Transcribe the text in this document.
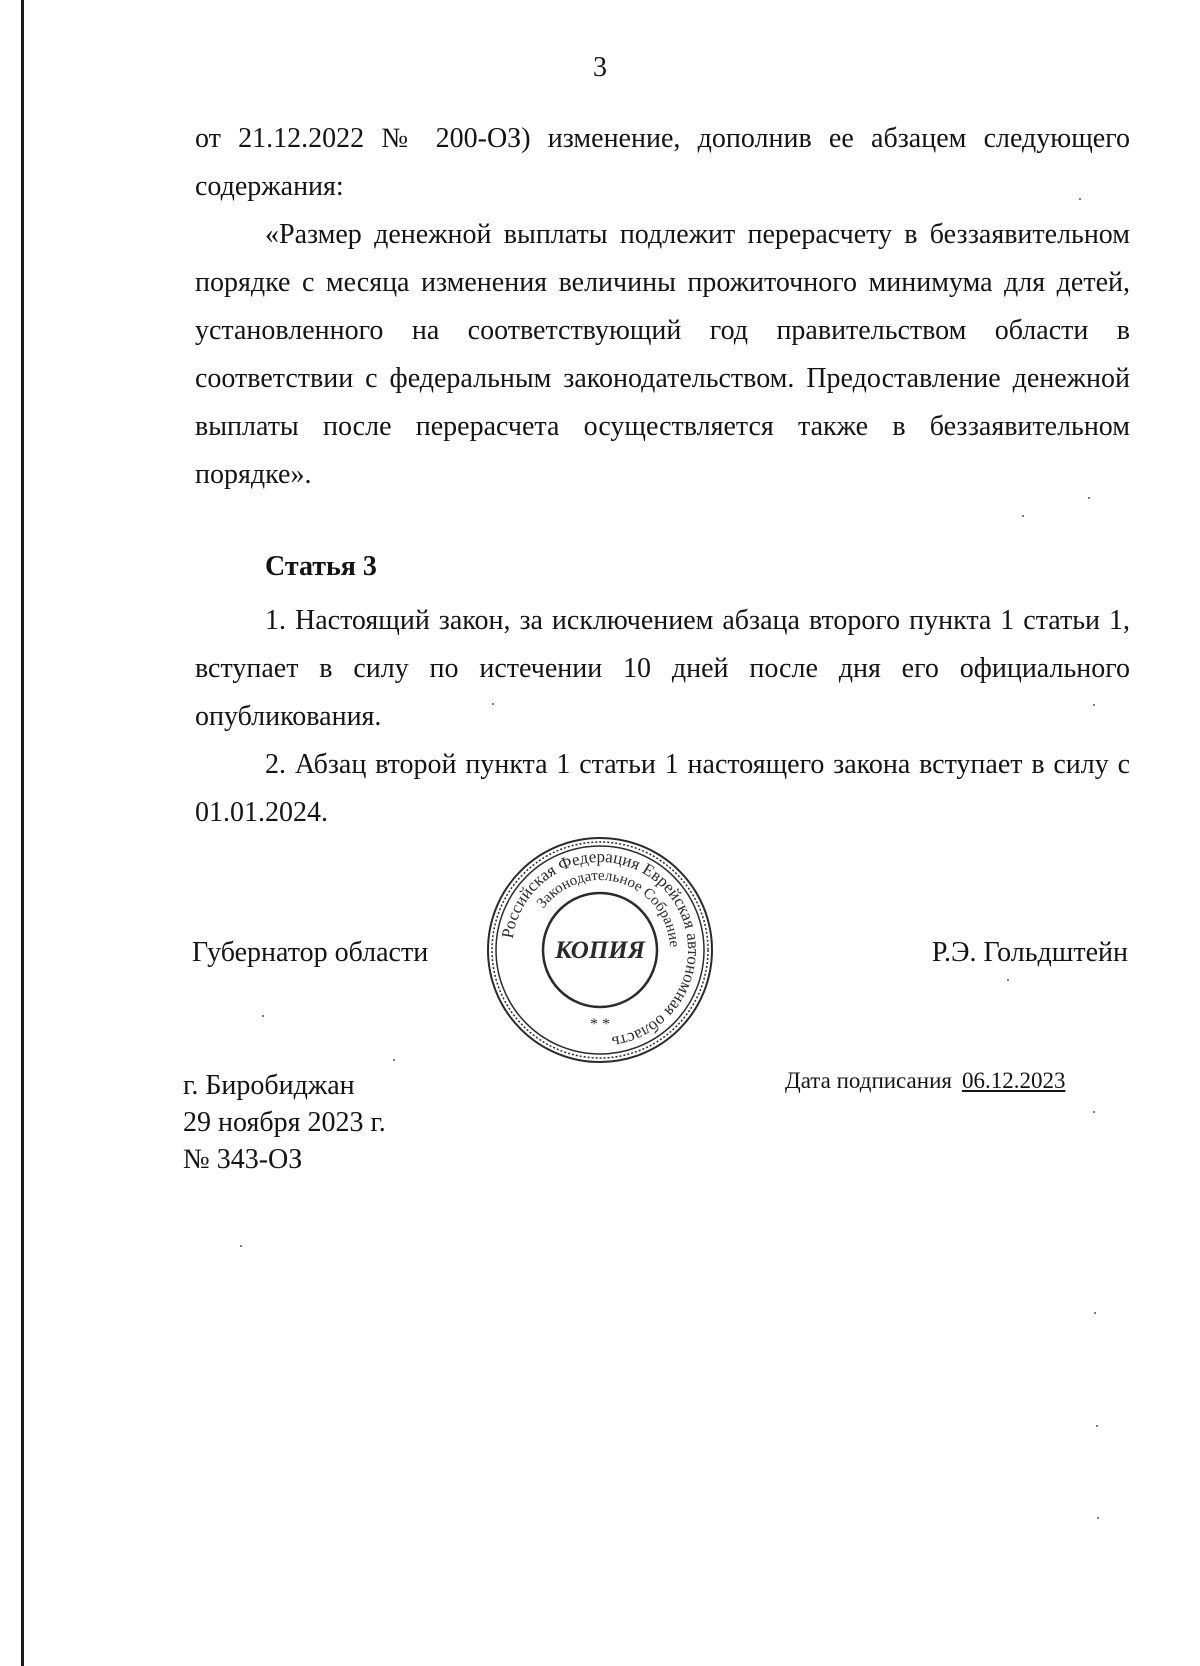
3

от 21.12.2022 № 200-ОЗ) изменение, дополнив ее абзацем следующего содержания:

«Размер денежной выплаты подлежит перерасчету в беззаявительном порядке с месяца изменения величины прожиточного минимума для детей, установленного на соответствующий год правительством области в соответствии с федеральным законодательством. Предоставление денежной выплаты после перерасчета осуществляется также в беззаявительном порядке».

Статья 3

1. Настоящий закон, за исключением абзаца второго пункта 1 статьи 1, вступает в силу по истечении 10 дней после дня его официального опубликования.

2. Абзац второй пункта 1 статьи 1 настоящего закона вступает в силу с 01.01.2024.

Губернатор области
Российская Федерация Еврейская автономная область
Законодательное Собрание
КОПИЯ
* *
Р.Э. Гольдштейн
г. Биробиджан
29 ноября 2023 г.
№ 343-ОЗ
Дата подписания 06.12.2023
